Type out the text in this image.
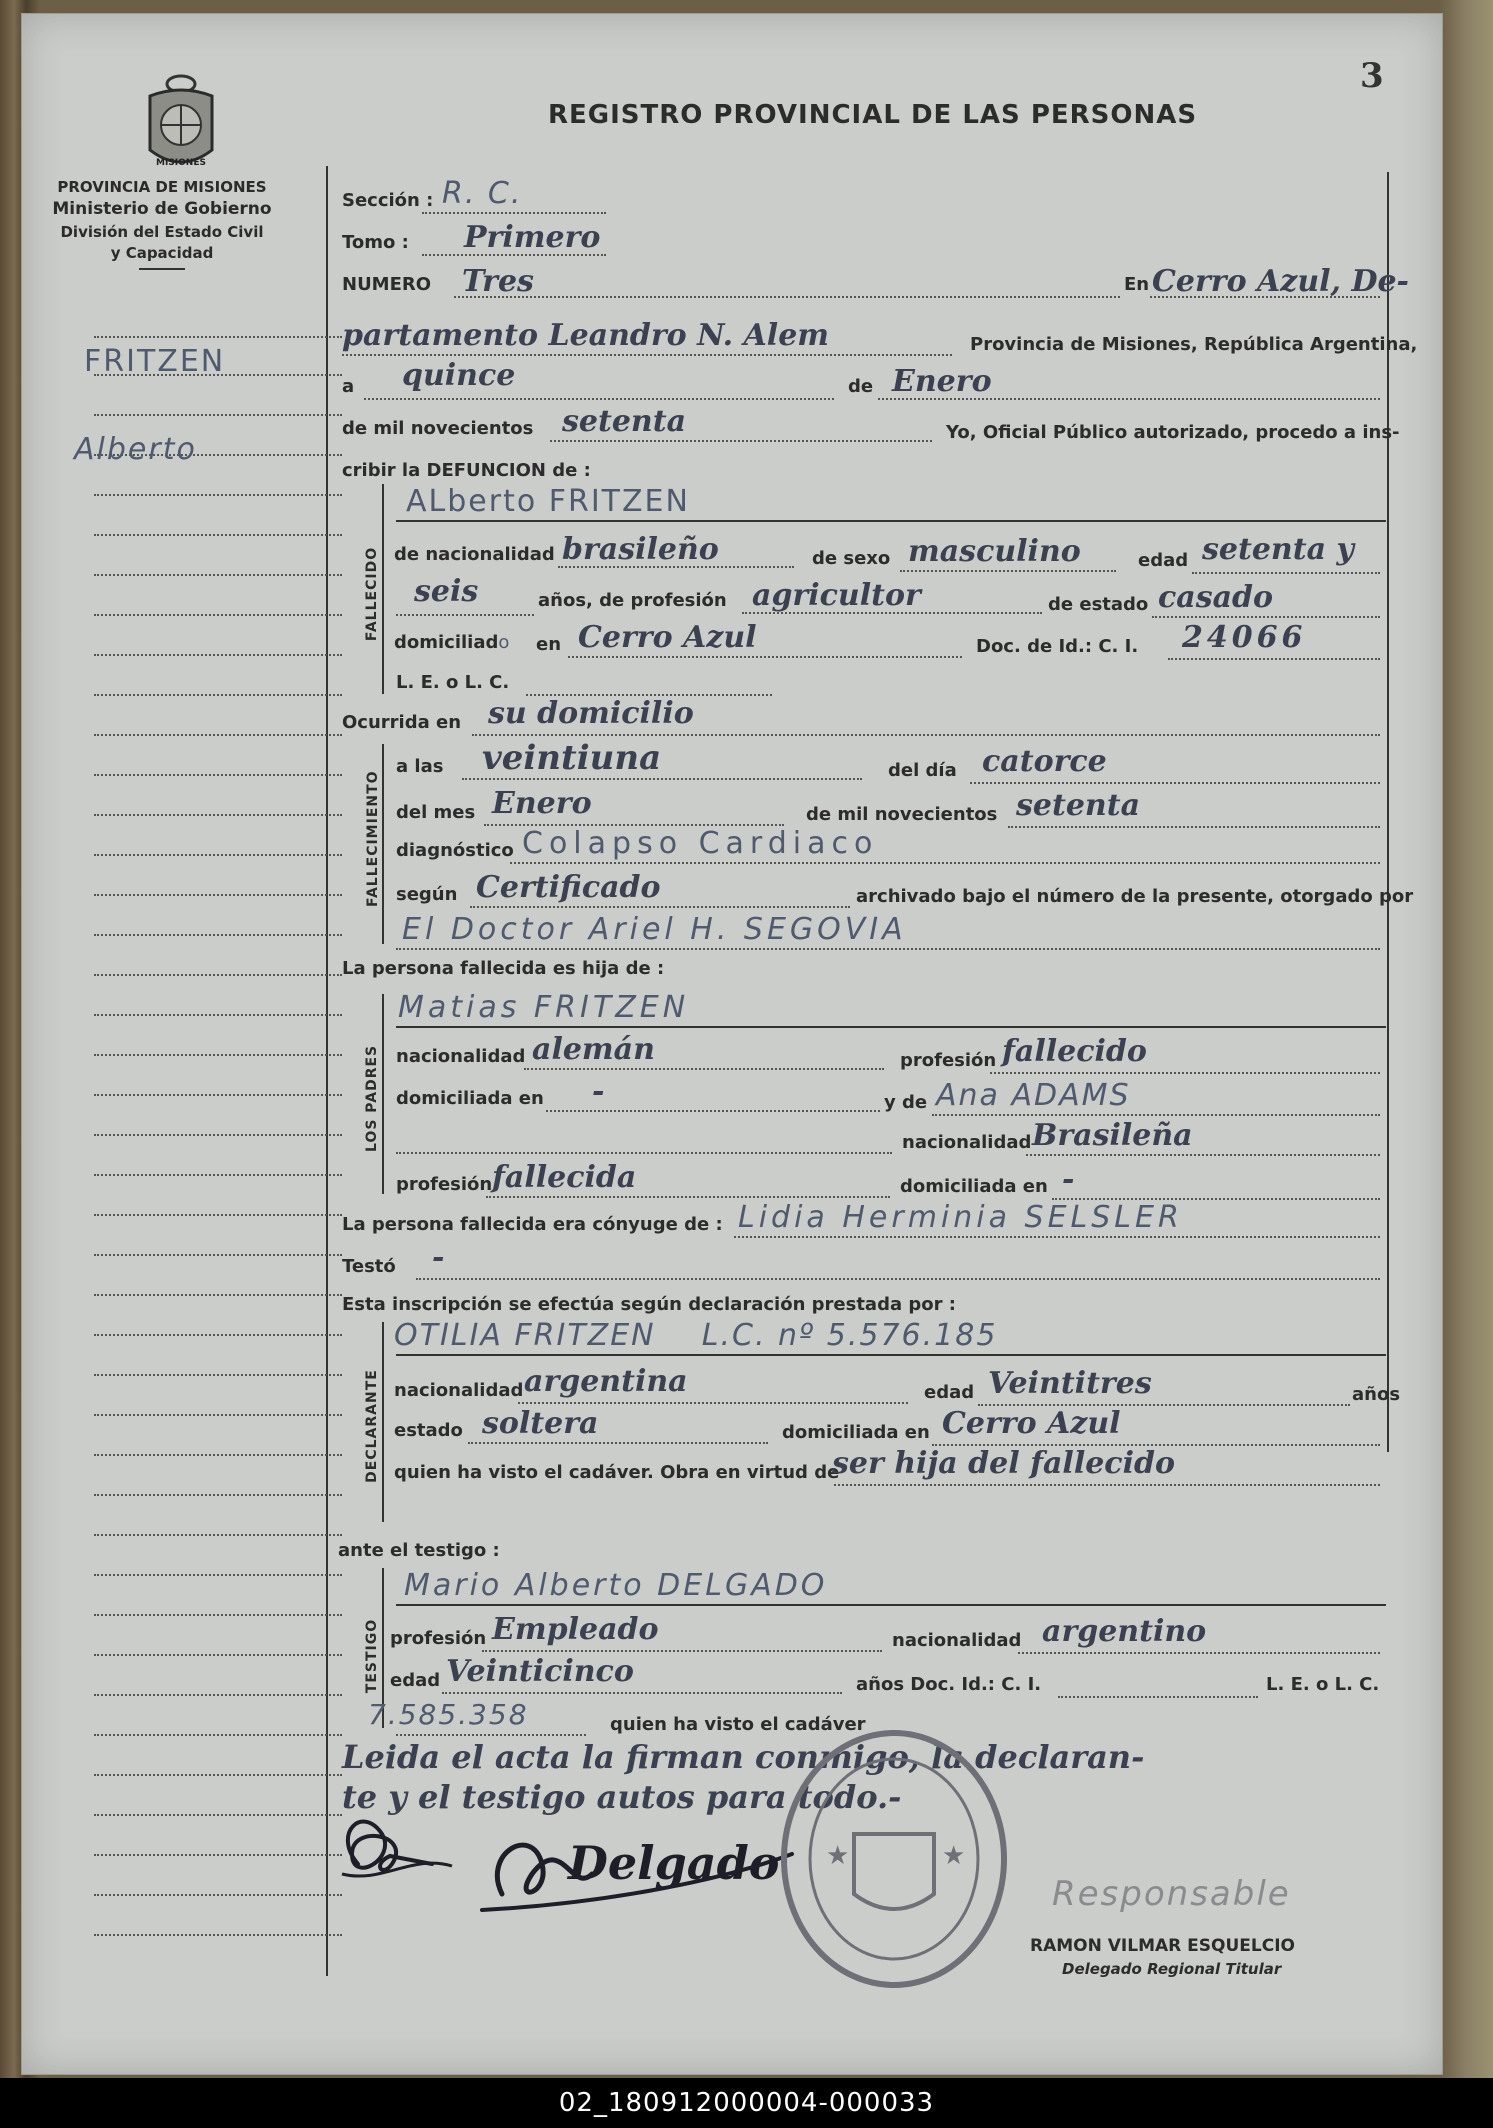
3
MISIONES
REGISTRO PROVINCIAL DE LAS PERSONAS
PROVINCIA DE MISIONES
Ministerio de Gobierno
División del Estado Civil
y Capacidad
FRITZEN
Alberto
Sección : R. C.
Tomo : Primero
NUMERO Tres	En Cerro Azul, De-
partamento Leandro N. Alem	Provincia de Misiones, República Argentina,
a quince	de Enero
de mil novecientos setenta	Yo, Oficial Público autorizado, procedo a ins-
cribir la DEFUNCION de :
FALLECIDO
ALberto FRITZEN
de nacionalidad brasileño	de sexo masculino	edad setenta y
seis	años, de profesión agricultor	de estado casado
domiciliado en Cerro Azul	Doc. de Id.: C. I. 24066
L. E. o L. C.
Ocurrida en su domicilio
FALLECIMIENTO
a las veintiuna	del día catorce
del mes Enero	de mil novecientos setenta
diagnóstico Colapso Cardiaco
según Certificado	archivado bajo el número de la presente, otorgado por
El Doctor Ariel H. SEGOVIA
La persona fallecida es hija de :
LOS PADRES
Matias FRITZEN
nacionalidad alemán	profesión fallecido
domiciliada en -	y de Ana ADAMS
nacionalidad Brasileña
profesión fallecida	domiciliada en -
La persona fallecida era cónyuge de : Lidia Herminia SELSLER
Testó -
Esta inscripción se efectúa según declaración prestada por :
DECLARANTE
OTILIA FRITZEN    L.C. nº 5.576.185
nacionalidad argentina	edad Veintitres	años
estado soltera	domiciliada en Cerro Azul
quien ha visto el cadáver. Obra en virtud de
ser hija del fallecido
ante el testigo :
TESTIGO
Mario Alberto DELGADO
profesión Empleado	nacionalidad argentino
edad Veinticinco	años Doc. Id.: C. I.	L. E. o L. C.
7.585.358	quien ha visto el cadáver
Leida el acta la firman conmigo, la declaran-
te y el testigo autos para todo.-
Delgado ★	★
Responsable
RAMON VILMAR ESQUELCIO
Delegado Regional Titular
02_180912000004-000033
